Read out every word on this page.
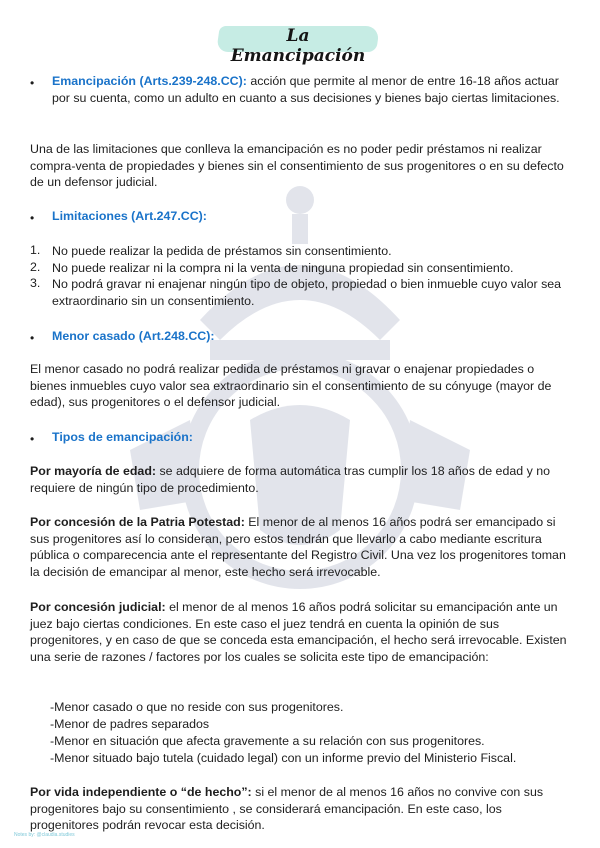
La Emancipación
• Emancipación (Arts.239-248.CC): acción que permite al menor de entre 16-18 años actuar por su cuenta, como un adulto en cuanto a sus decisiones y bienes bajo ciertas limitaciones.
Una de las limitaciones que conlleva la emancipación es no poder pedir préstamos ni realizar compra-venta de propiedades y bienes sin el consentimiento de sus progenitores o en su defecto de un defensor judicial.
• Limitaciones (Art.247.CC):
1. No puede realizar la pedida de préstamos sin consentimiento.
2. No puede realizar ni la compra ni la venta de ninguna propiedad sin consentimiento.
3. No podrá gravar ni enajenar ningún tipo de objeto, propiedad o bien inmueble cuyo valor sea extraordinario sin un consentimiento.
• Menor casado (Art.248.CC):
El menor casado no podrá realizar pedida de préstamos ni gravar o enajenar propiedades o bienes inmuebles cuyo valor sea extraordinario sin el consentimiento de su cónyuge (mayor de edad), sus progenitores o el defensor judicial.
• Tipos de emancipación:
Por mayoría de edad: se adquiere de forma automática tras cumplir los 18 años de edad y no requiere de ningún tipo de procedimiento.
Por concesión de la Patria Potestad: El menor de al menos 16 años podrá ser emancipado si sus progenitores así lo consideran, pero estos tendrán que llevarlo a cabo mediante escritura pública o comparecencia ante el representante del Registro Civil. Una vez los progenitores toman la decisión de emancipar al menor, este hecho será irrevocable.
Por concesión judicial: el menor de al menos 16 años podrá solicitar su emancipación ante un juez bajo ciertas condiciones. En este caso el juez tendrá en cuenta la opinión de sus progenitores, y en caso de que se conceda esta emancipación, el hecho será irrevocable. Existen una serie de razones / factores por los cuales se solicita este tipo de emancipación:
-Menor casado o que no reside con sus progenitores.
-Menor de padres separados
-Menor en situación que afecta gravemente a su relación con sus progenitores.
-Menor situado bajo tutela (cuidado legal) con un informe previo del Ministerio Fiscal.
Por vida independiente o “de hecho”: si el menor de al menos 16 años no convive con sus progenitores bajo su consentimiento , se considerará emancipación. En este caso, los progenitores podrán revocar esta decisión.
Notes by: @claudia.studies
